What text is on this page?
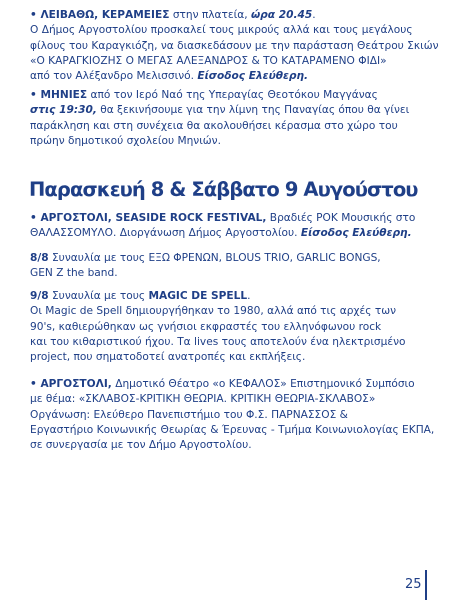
• ΛΕΙΒΑΘΩ, ΚΕΡΑΜΕΙΕΣ στην πλατεία, ώρα 20.45.
Ο Δήμος Αργοστολίου προσκαλεί τους μικρούς αλλά και τους μεγάλους
φίλους του Καραγκιόζη, να διασκεδάσουν με την παράσταση Θεάτρου Σκιών
«Ο ΚΑΡΑΓΚΙΟΖΗΣ Ο ΜΕΓΑΣ ΑΛΕΞΑΝΔΡΟΣ & ΤΟ ΚΑΤΑΡΑΜΕΝΟ ΦΙΔΙ»
από τον Αλέξανδρο Μελισσινό. Είσοδος Ελεύθερη.
• ΜΗΝΙΕΣ από τον Ιερό Ναό της Υπεραγίας Θεοτόκου Μαγγάνας
στις 19:30, θα ξεκινήσουμε για την λίμνη της Παναγίας όπου θα γίνει
παράκληση και στη συνέχεια θα ακολουθήσει κέρασμα στο χώρο του
πρώην δημοτικού σχολείου Μηνιών.
Παρασκευή 8 & Σάββατο 9 Αυγούστου
• ΑΡΓΟΣΤΟΛΙ, SEASIDE ROCK FESTIVAL, Βραδιές ΡΟΚ Μουσικής στο
ΘΑΛΑΣΣΟΜΥΛΟ. Διοργάνωση Δήμος Αργοστολίου. Είσοδος Ελεύθερη.
8/8 Συναυλία με τους ΕΞΩ ΦΡΕΝΩΝ, BLOUS TRIO, GARLIC BONGS,
GEN Z the band.
9/8 Συναυλία με τους MAGIC DE SPELL.
Οι Magic de Spell δημιουργήθηκαν το 1980, αλλά από τις αρχές των
90's, καθιερώθηκαν ως γνήσιοι εκφραστές του ελληνόφωνου rock
και του κιθαριστικού ήχου. Τα lives τους αποτελούν ένα ηλεκτρισμένο
project, που σηματοδοτεί ανατροπές και εκπλήξεις.
• ΑΡΓΟΣΤΟΛΙ, Δημοτικό Θέατρο «ο ΚΕΦΑΛΟΣ» Επιστημονικό Συμπόσιο
με θέμα: «ΣΚΛΑΒΟΣ-ΚΡΙΤΙΚΗ ΘΕΩΡΙΑ. ΚΡΙΤΙΚΗ ΘΕΩΡΙΑ-ΣΚΛΑΒΟΣ»
Οργάνωση: Ελεύθερο Πανεπιστήμιο του Φ.Σ. ΠΑΡΝΑΣΣΟΣ &
Εργαστήριο Κοινωνικής Θεωρίας & Έρευνας - Τμήμα Κοινωνιολογίας ΕΚΠΑ,
σε συνεργασία με τον Δήμο Αργοστολίου.
25
